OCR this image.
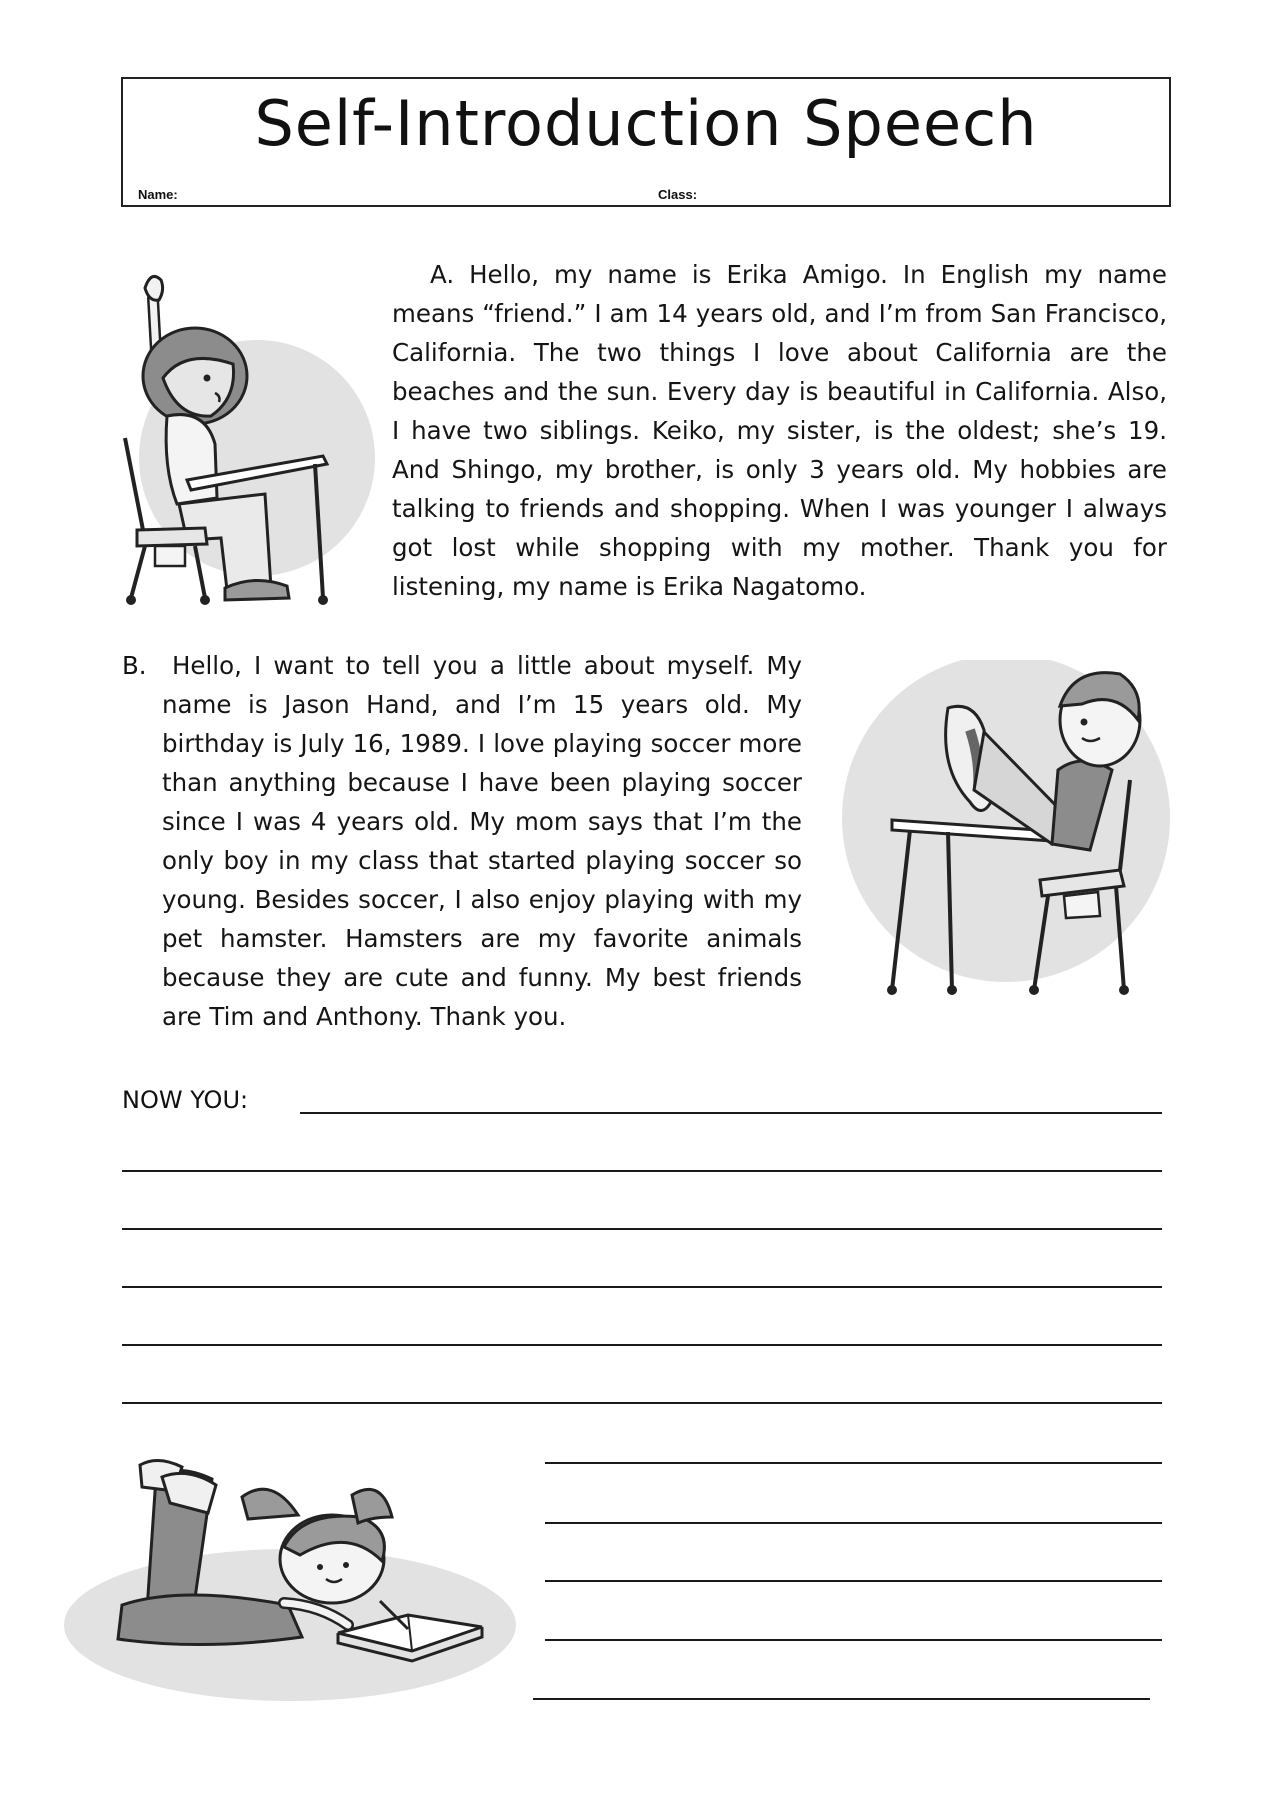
Self-Introduction Speech
Name:	Class:
A. Hello, my name is Erika Amigo. In English my name means “friend.” I am 14 years old, and I’m from San Francisco, California. The two things I love about California are the beaches and the sun. Every day is beautiful in California. Also, I have two siblings. Keiko, my sister, is the oldest; she’s 19. And Shingo, my brother, is only 3 years old. My hobbies are talking to friends and shopping. When I was younger I always got lost while shopping with my mother. Thank you for listening, my name is Erika Nagatomo.
B.	Hello, I want to tell you a little about myself. My name is Jason Hand, and I’m 15 years old. My birthday is July 16, 1989. I love playing soccer more than anything because I have been playing soccer since I was 4 years old. My mom says that I’m the only boy in my class that started playing soccer so young. Besides soccer, I also enjoy playing with my pet hamster. Hamsters are my favorite animals because they are cute and funny. My best friends are Tim and Anthony. Thank you.
NOW YOU:
